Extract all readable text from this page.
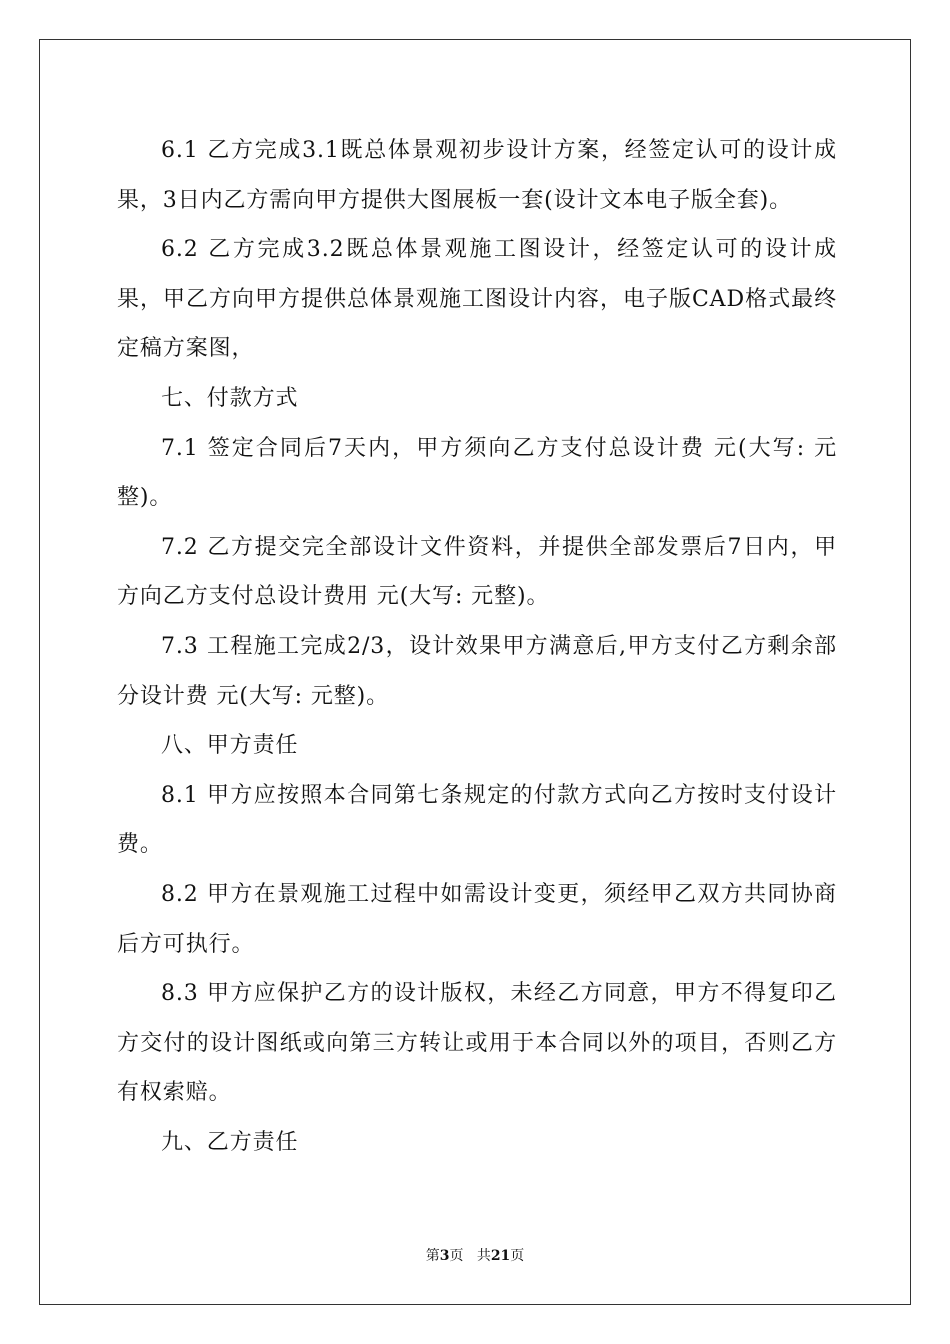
6.1 乙方完成3.1既总体景观初步设计方案，经签定认可的设计成果，3日内乙方需向甲方提供大图展板一套(设计文本电子版全套)。

6.2 乙方完成3.2既总体景观施工图设计，经签定认可的设计成果，甲乙方向甲方提供总体景观施工图设计内容，电子版CAD格式最终定稿方案图，

七、付款方式

7.1 签定合同后7天内，甲方须向乙方支付总设计费 元(大写: 元整)。

7.2 乙方提交完全部设计文件资料，并提供全部发票后7日内，甲方向乙方支付总设计费用 元(大写: 元整)。

7.3 工程施工完成2/3，设计效果甲方满意后,甲方支付乙方剩余部分设计费 元(大写: 元整)。

八、甲方责任

8.1 甲方应按照本合同第七条规定的付款方式向乙方按时支付设计费。

8.2 甲方在景观施工过程中如需设计变更，须经甲乙双方共同协商后方可执行。

8.3 甲方应保护乙方的设计版权，未经乙方同意，甲方不得复印乙方交付的设计图纸或向第三方转让或用于本合同以外的项目，否则乙方有权索赔。

九、乙方责任

第3页 共21页
